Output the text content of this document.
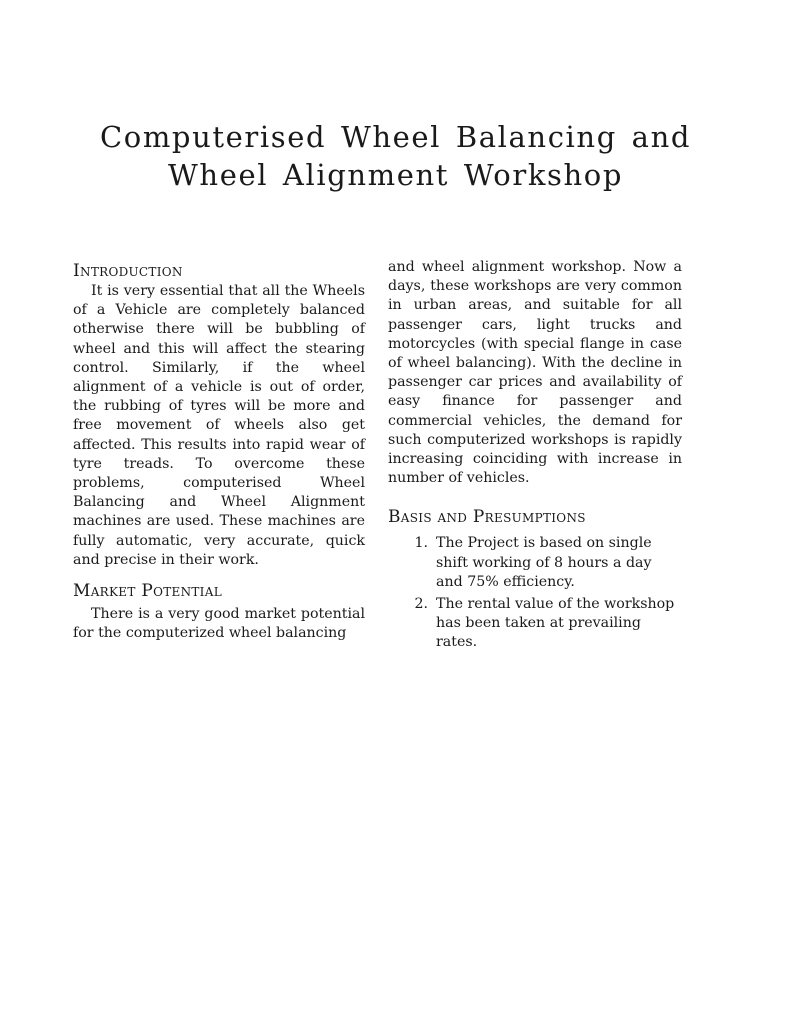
Computerised Wheel Balancing and
Wheel Alignment Workshop
Introduction

It is very essential that all the Wheels of a Vehicle are completely balanced otherwise there will be bubbling of wheel and this will affect the stearing control. Similarly, if the wheel alignment of a vehicle is out of order, the rubbing of tyres will be more and free movement of wheels also get affected. This results into rapid wear of tyre treads. To overcome these problems, computerised Wheel Balancing and Wheel Alignment machines are used. These machines are fully automatic, very accurate, quick and precise in their work.

Market Potential

There is a very good market potential for the computerized wheel balancing

and wheel alignment workshop. Now a days, these workshops are very common in urban areas, and suitable for all passenger cars, light trucks and motorcycles (with special flange in case of wheel balancing). With the decline in passenger car prices and availability of easy finance for passenger and commercial vehicles, the demand for such computerized workshops is rapidly increasing coinciding with increase in number of vehicles.

Basis and Presumptions
1. The Project is based on single shift working of 8 hours a day and 75% efficiency.
2. The rental value of the workshop has been taken at prevailing rates.
